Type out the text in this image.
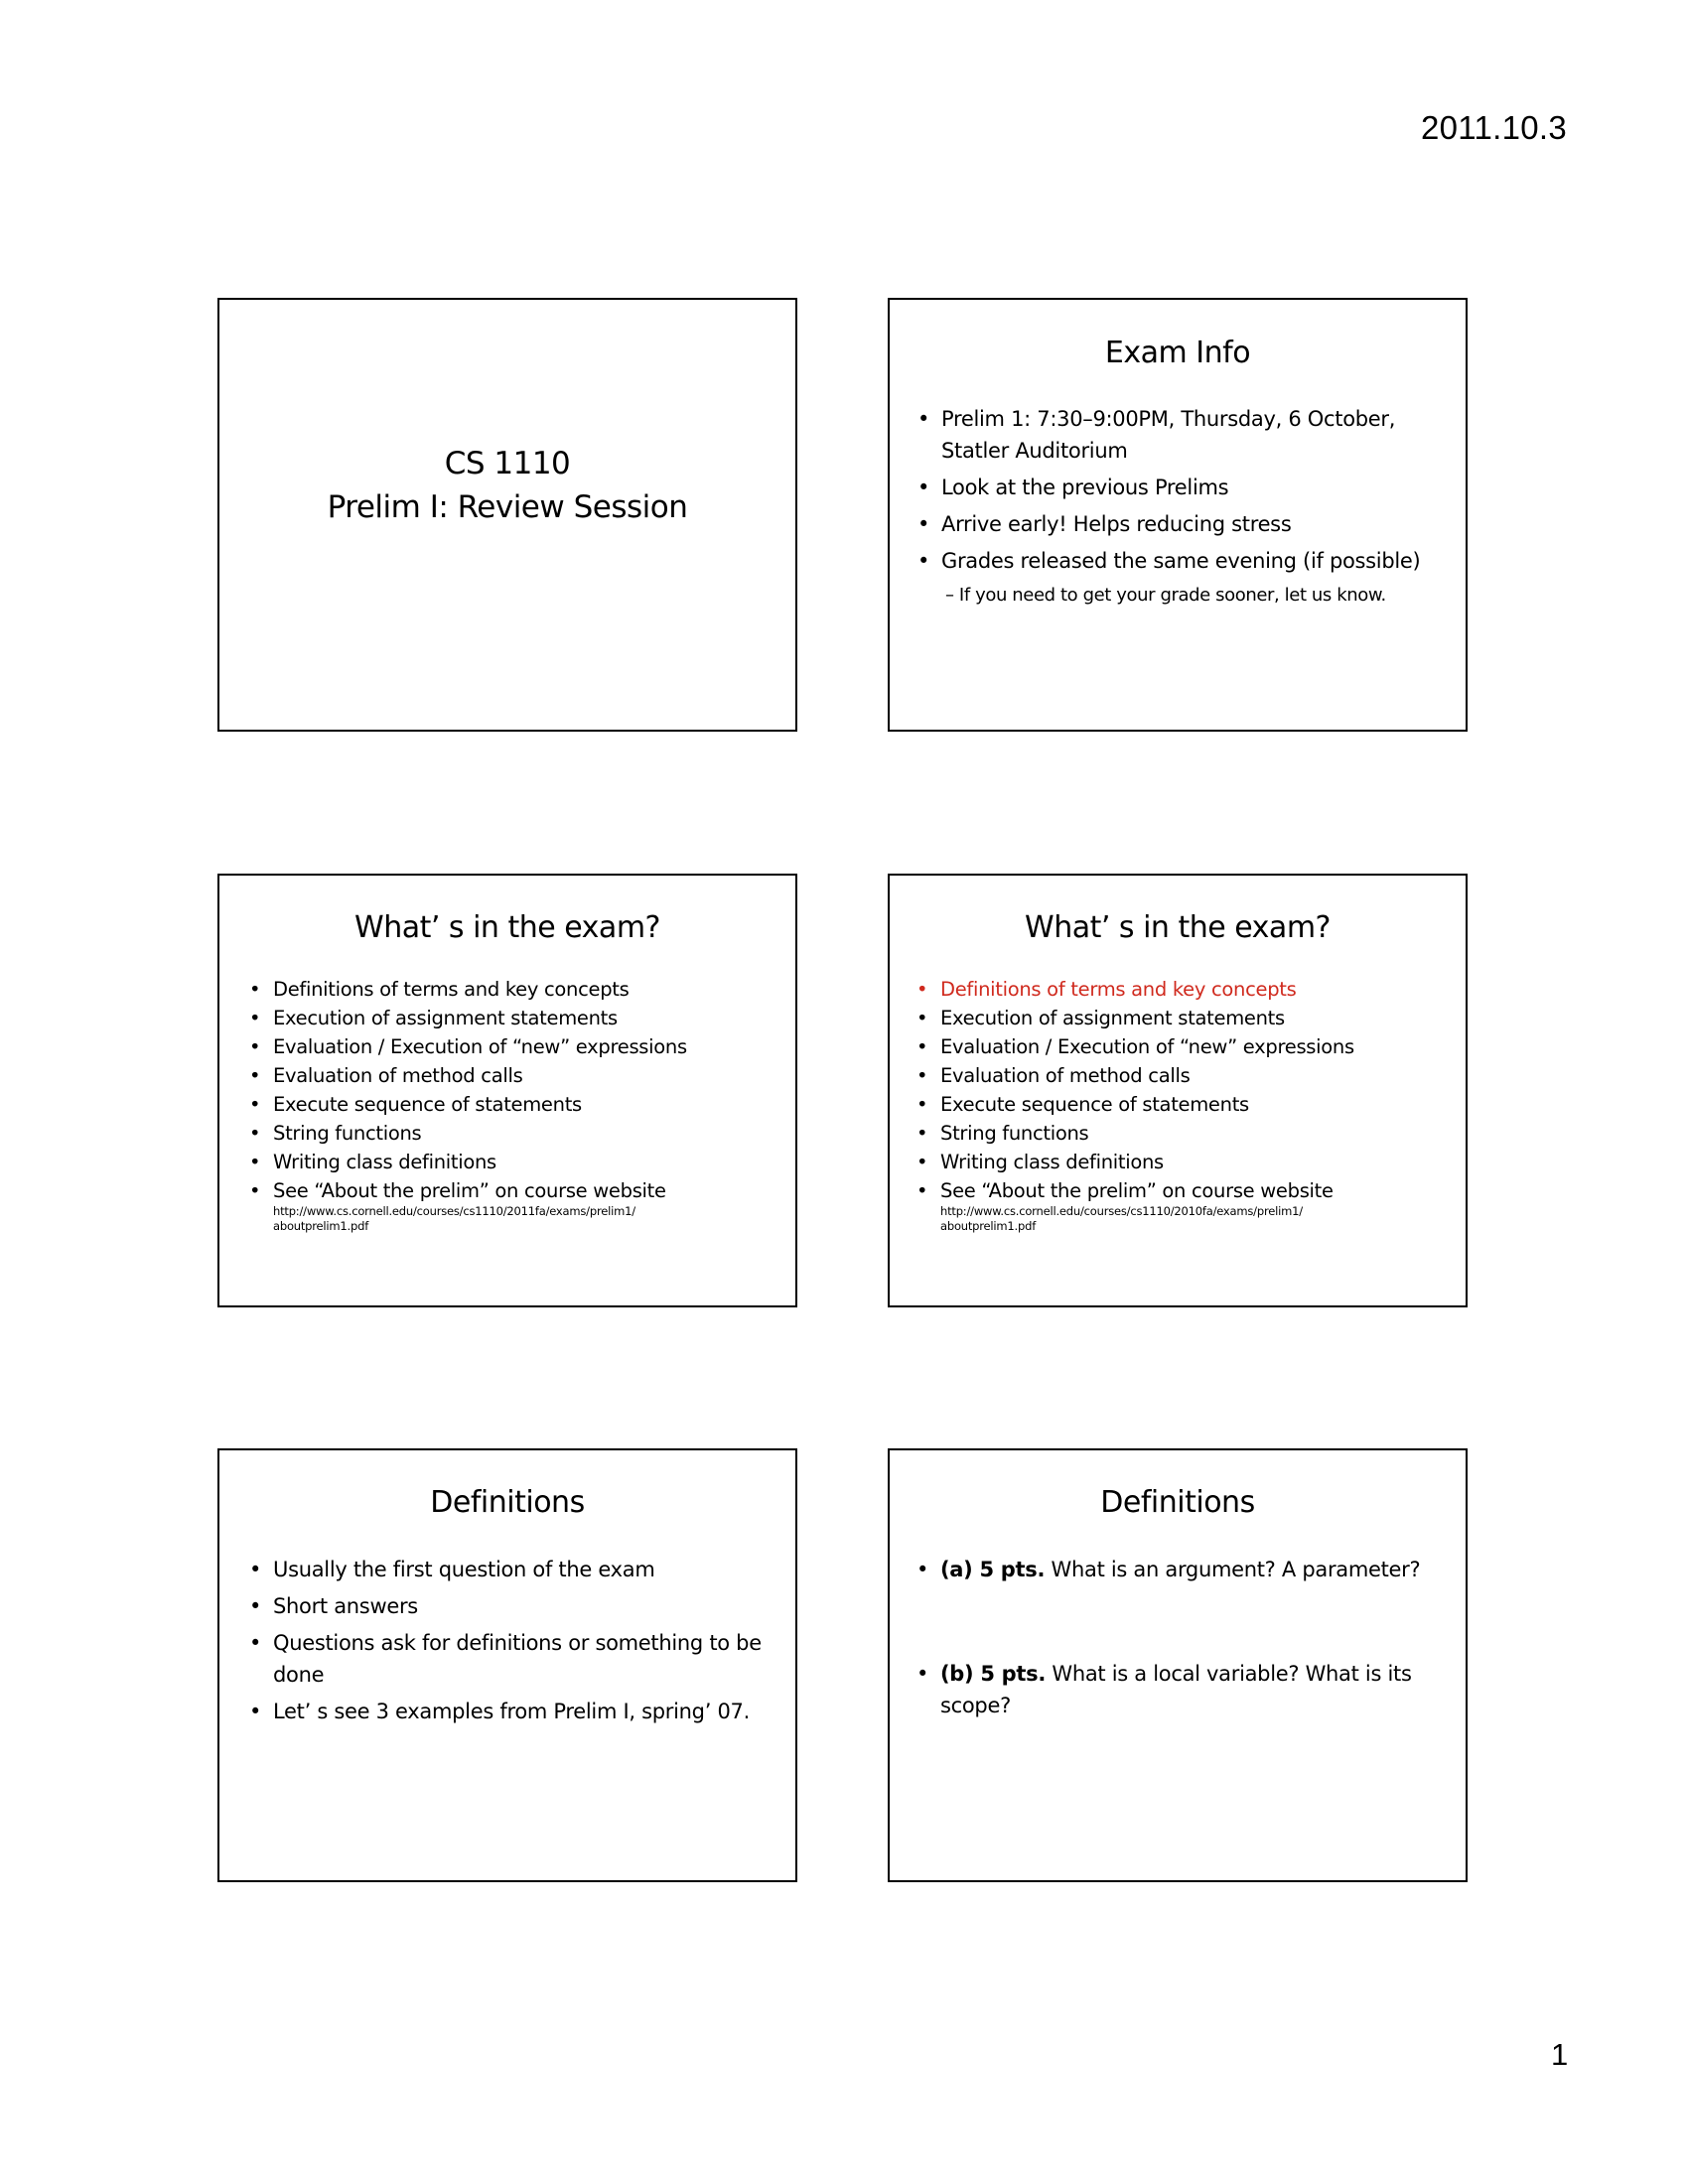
2011.10.3
CS 1110
Prelim I: Review Session
Exam Info
• Prelim 1: 7:30–9:00PM, Thursday, 6 October, Statler Auditorium
• Look at the previous Prelims
• Arrive early! Helps reducing stress
• Grades released the same evening (if possible)
– If you need to get your grade sooner, let us know.
What’ s in the exam?
• Definitions of terms and key concepts
• Execution of assignment statements
• Evaluation / Execution of “new” expressions
• Evaluation of method calls
• Execute sequence of statements
• String functions
• Writing class definitions
• See “About the prelim” on course website
http://www.cs.cornell.edu/courses/cs1110/2011fa/exams/prelim1/
aboutprelim1.pdf
What’ s in the exam?
• Definitions of terms and key concepts
• Execution of assignment statements
• Evaluation / Execution of “new” expressions
• Evaluation of method calls
• Execute sequence of statements
• String functions
• Writing class definitions
• See “About the prelim” on course website
http://www.cs.cornell.edu/courses/cs1110/2010fa/exams/prelim1/
aboutprelim1.pdf
Definitions
• Usually the first question of the exam
• Short answers
• Questions ask for definitions or something to be done
• Let’ s see 3 examples from Prelim I, spring’ 07.
Definitions
• (a) 5 pts. What is an argument? A parameter?
• (b) 5 pts. What is a local variable? What is its scope?
1
